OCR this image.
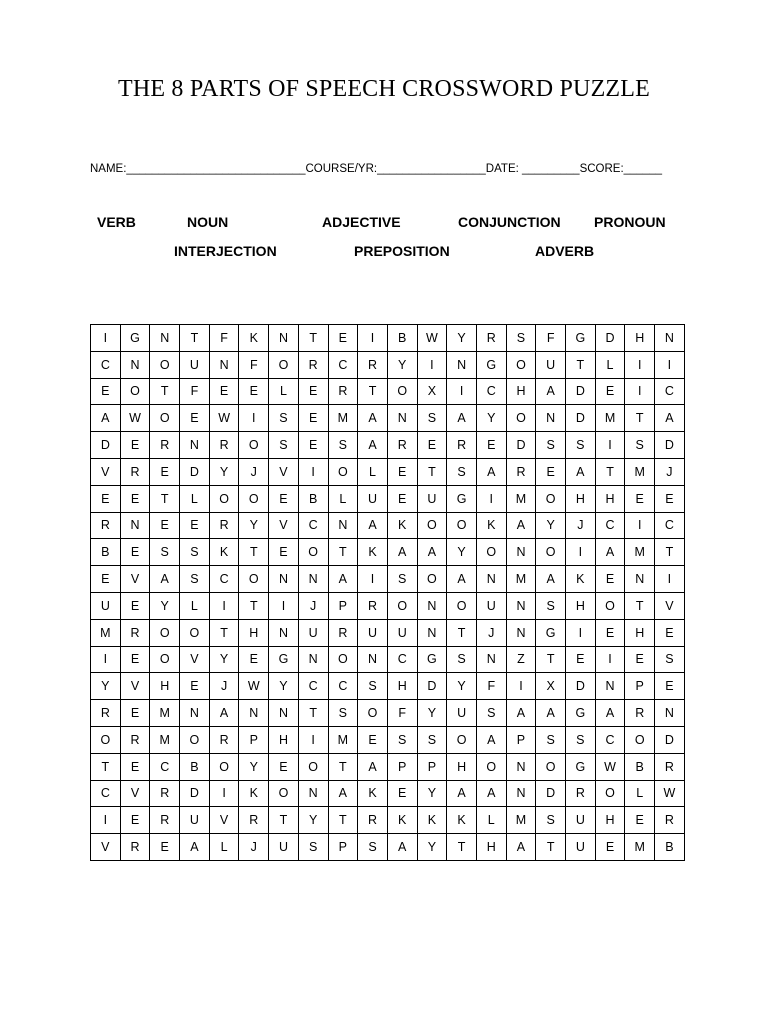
THE 8 PARTS OF SPEECH CROSSWORD PUZZLE
NAME:____________________________COURSE/YR:_________________DATE: _________SCORE:______
VERB	NOUN	ADJECTIVE	CONJUNCTION PRONOUN
INTERJECTION	PREPOSITION	ADVERB
I	G	N	T	F	K	N	T	E	I	B	W	Y	R	S	F	G	D	H	N
C	N	O	U	N	F	O	R	C	R	Y	I	N	G	O	U	T	L	I	I
E	O	T	F	E	E	L	E	R	T	O	X	I	C	H	A	D	E	I	C
A	W	O	E	W	I	S	E	M	A	N	S	A	Y	O	N	D	M	T	A
D	E	R	N	R	O	S	E	S	A	R	E	R	E	D	S	S	I	S	D
V	R	E	D	Y	J	V	I	O	L	E	T	S	A	R	E	A	T	M	J
E	E	T	L	O	O	E	B	L	U	E	U	G	I	M	O	H	H	E	E
R	N	E	E	R	Y	V	C	N	A	K	O	O	K	A	Y	J	C	I	C
B	E	S	S	K	T	E	O	T	K	A	A	Y	O	N	O	I	A	M	T
E	V	A	S	C	O	N	N	A	I	S	O	A	N	M	A	K	E	N	I
U	E	Y	L	I	T	I	J	P	R	O	N	O	U	N	S	H	O	T	V
M	R	O	O	T	H	N	U	R	U	U	N	T	J	N	G	I	E	H	E
I	E	O	V	Y	E	G	N	O	N	C	G	S	N	Z	T	E	I	E	S
Y	V	H	E	J	W	Y	C	C	S	H	D	Y	F	I	X	D	N	P	E
R	E	M	N	A	N	N	T	S	O	F	Y	U	S	A	A	G	A	R	N
O	R	M	O	R	P	H	I	M	E	S	S	O	A	P	S	S	C	O	D
T	E	C	B	O	Y	E	O	T	A	P	P	H	O	N	O	G	W	B	R
C	V	R	D	I	K	O	N	A	K	E	Y	A	A	N	D	R	O	L	W
I	E	R	U	V	R	T	Y	T	R	K	K	K	L	M	S	U	H	E	R
V	R	E	A	L	J	U	S	P	S	A	Y	T	H	A	T	U	E	M	B
